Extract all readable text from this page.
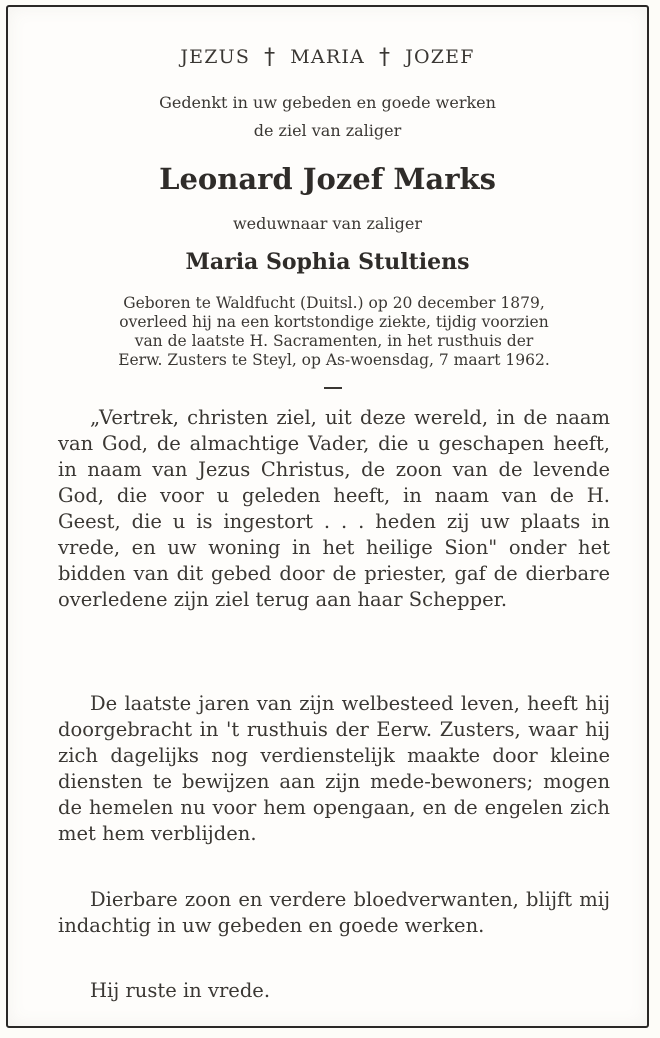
JEZUS † MARIA † JOZEF
Gedenkt in uw gebeden en goede werken
de ziel van zaliger
Leonard Jozef Marks
weduwnaar van zaliger
Maria Sophia Stultiens
Geboren te Waldfucht (Duitsl.) op 20 december 1879,
overleed hij na een kortstondige ziekte, tijdig voorzien
van de laatste H. Sacramenten, in het rusthuis der
Eerw. Zusters te Steyl, op As-woensdag, 7 maart 1962.
„Vertrek, christen ziel, uit deze wereld, in de naam van God, de almachtige Vader, die u geschapen heeft, in naam van Jezus Christus, de zoon van de levende God, die voor u geleden heeft, in naam van de H. Geest, die u is ingestort . . . heden zij uw plaats in vrede, en uw woning in het heilige Sion" onder het bidden van dit gebed door de priester, gaf de dierbare overledene zijn ziel terug aan haar Schepper.
De laatste jaren van zijn welbesteed leven, heeft hij doorgebracht in 't rusthuis der Eerw. Zusters, waar hij zich dagelijks nog verdienstelijk maakte door kleine diensten te bewijzen aan zijn mede-bewoners; mogen de hemelen nu voor hem opengaan, en de engelen zich met hem verblijden.
Dierbare zoon en verdere bloedverwanten, blijft mij indachtig in uw gebeden en goede werken.
Hij ruste in vrede.
